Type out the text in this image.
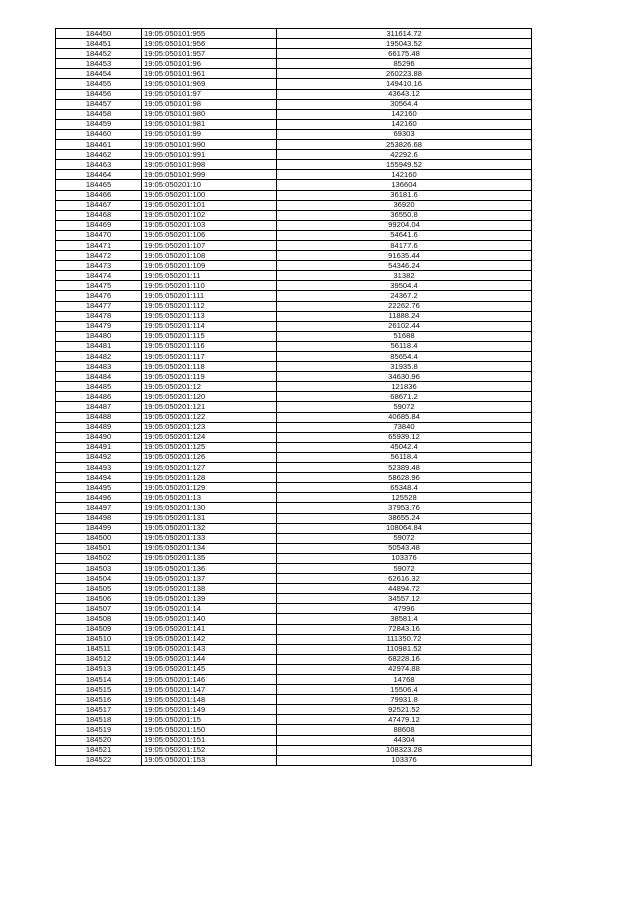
184450	19:05:050101:955	311614.72
184451	19:05:050101:956	195043.52
184452	19:05:050101:957	66175.48
184453	19:05:050101:96	85296
184454	19:05:050101:961	260223.88
184455	19:05:050101:969	149410.16
184456	19:05:050101:97	43643.12
184457	19:05:050101:98	30564.4
184458	19:05:050101:980	142160
184459	19:05:050101:981	142160
184460	19:05:050101:99	69303
184461	19:05:050101:990	253826.68
184462	19:05:050101:991	42292.6
184463	19:05:050101:998	155949.52
184464	19:05:050101:999	142160
184465	19:05:050201:10	136604
184466	19:05:050201:100	36181.6
184467	19:05:050201:101	36920
184468	19:05:050201:102	36550.8
184469	19:05:050201:103	99204.04
184470	19:05:050201:106	54641.6
184471	19:05:050201:107	84177.6
184472	19:05:050201:108	91635.44
184473	19:05:050201:109	54346.24
184474	19:05:050201:11	31382
184475	19:05:050201:110	39504.4
184476	19:05:050201:111	24367.2
184477	19:05:050201:112	22262.76
184478	19:05:050201:113	11888.24
184479	19:05:050201:114	26102.44
184480	19:05:050201:115	51688
184481	19:05:050201:116	56118.4
184482	19:05:050201:117	85654.4
184483	19:05:050201:118	31935.8
184484	19:05:050201:119	34630.96
184485	19:05:050201:12	121836
184486	19:05:050201:120	68671.2
184487	19:05:050201:121	59072
184488	19:05:050201:122	40685.84
184489	19:05:050201:123	73840
184490	19:05:050201:124	65939.12
184491	19:05:050201:125	45042.4
184492	19:05:050201:126	56118.4
184493	19:05:050201:127	52389.48
184494	19:05:050201:128	58628.96
184495	19:05:050201:129	65348.4
184496	19:05:050201:13	125528
184497	19:05:050201:130	37953.76
184498	19:05:050201:131	38655.24
184499	19:05:050201:132	108064.84
184500	19:05:050201:133	59072
184501	19:05:050201:134	50543.48
184502	19:05:050201:135	103376
184503	19:05:050201:136	59072
184504	19:05:050201:137	62616.32
184505	19:05:050201:138	44894.72
184506	19:05:050201:139	34557.12
184507	19:05:050201:14	47996
184508	19:05:050201:140	38581.4
184509	19:05:050201:141	72843.16
184510	19:05:050201:142	111350.72
184511	19:05:050201:143	110981.52
184512	19:05:050201:144	68228.16
184513	19:05:050201:145	42974.88
184514	19:05:050201:146	14768
184515	19:05:050201:147	15506.4
184516	19:05:050201:148	79931.8
184517	19:05:050201:149	92521.52
184518	19:05:050201:15	47479.12
184519	19:05:050201:150	88608
184520	19:05:050201:151	44304
184521	19:05:050201:152	108323.28
184522	19:05:050201:153	103376
